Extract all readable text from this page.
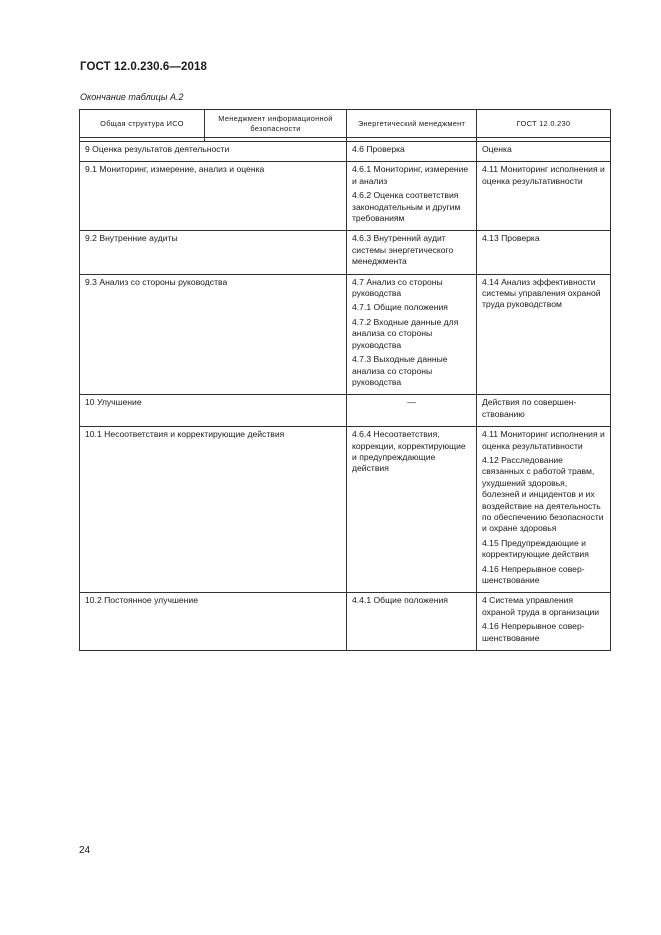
ГОСТ 12.0.230.6—2018
Окончание таблицы А.2
Общая структура ИСО	Менеджмент информационной безопасности	Энергетический менеджмент	ГОСТ 12.0.230

9 Оценка результатов деятельности		4.6 Проверка	Оценка

9.1 Мониторинг, измерение, анализ и оценка		4.6.1 Мониторинг, измерение и анализ
4.6.2 Оценка соответствия законодательным и другим требованиям	4.11 Мониторинг исполнения и оценка результативности

9.2 Внутренние аудиты		4.6.3 Внутренний аудит системы энергетического менеджмента	4.13 Проверка

9.3 Анализ со стороны руководства		4.7 Анализ со стороны руководства
4.7.1 Общие положения
4.7.2 Входные данные для анализа со стороны руководства
4.7.3 Выходные данные анализа со стороны руководства	4.14 Анализ эффективности системы управления охраной труда руководством

10 Улучшение		—	Действия по совершенствованию

10.1 Несоответствия и корректирующие действия		4.6.4 Несоответствия, коррекции, корректирующие и предупреждающие действия	4.11 Мониторинг исполнения и оценка результативности
4.12 Расследование связанных с работой травм, ухудшений здоровья, болезней и инцидентов и их воздействие на деятельность по обеспечению безопасности и охране здоровья
4.15 Предупреждающие и корректирующие действия
4.16 Непрерывное совершенствование

10.2 Постоянное улучшение		4.4.1 Общие положения	4 Система управления охраной труда в организации
4.16 Непрерывное совершенствование
24
